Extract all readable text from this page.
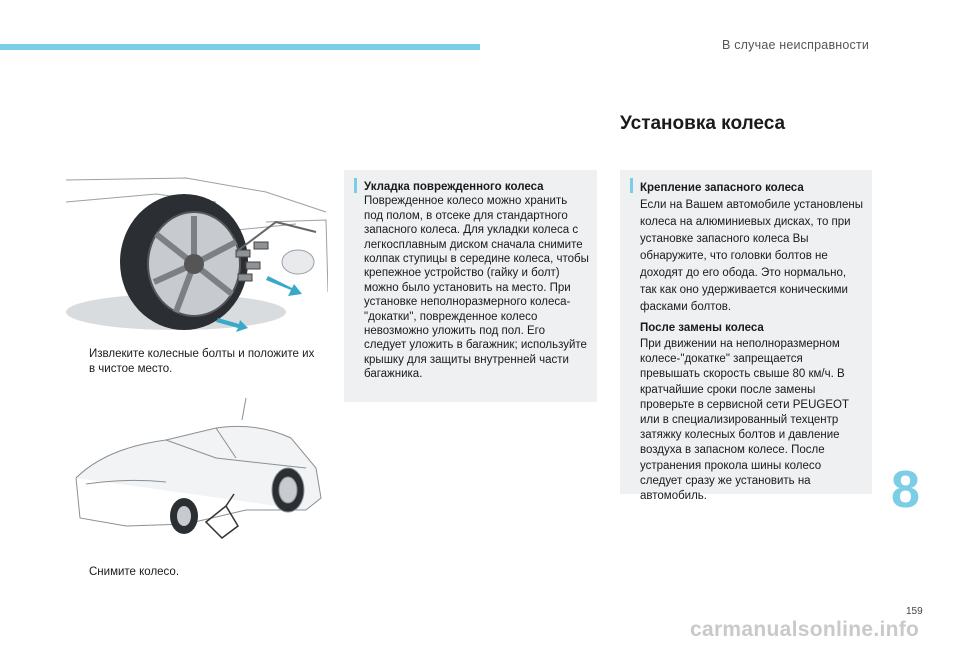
В случае неисправности
Установка колеса
Извлеките колесные болты и положите их в чистое место.
Снимите колесо.
Укладка поврежденного колеса

Поврежденное колесо можно хранить под полом, в отсеке для стандартного запасного колеса. Для укладки колеса с легкосплавным диском сначала снимите колпак ступицы в середине колеса, чтобы крепежное устройство (гайку и болт) можно было установить на место. При установке неполноразмерного колеса-"докатки", поврежденное колесо невозможно уложить под пол. Его следует уложить в багажник; используйте крышку для защиты внутренней части багажника.

Крепление запасного колеса

Если на Вашем автомобиле установлены колеса на алюминиевых дисках, то при установке запасного колеса Вы обнаружите, что головки болтов не доходят до его обода. Это нормально, так как оно удерживается коническими фасками болтов.

После замены колеса

При движении на неполноразмерном колесе-"докатке" запрещается превышать скорость свыше 80 км/ч. В кратчайшие сроки после замены проверьте в сервисной сети PEUGEOT или в специализированный техцентр затяжку колесных болтов и давление воздуха в запасном колесе. После устранения прокола шины колесо следует сразу же установить на автомобиль.	8
159
carmanualsonline.info
